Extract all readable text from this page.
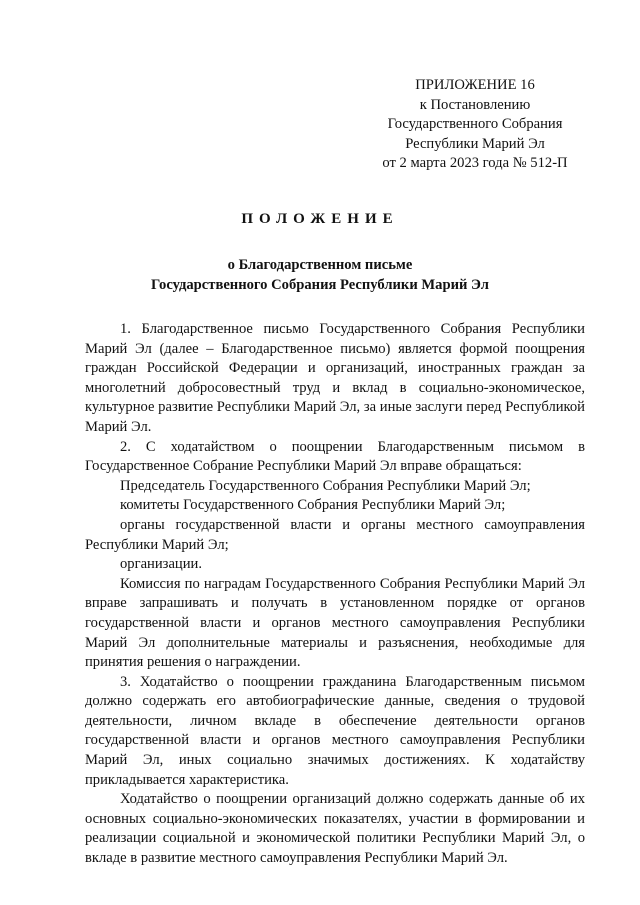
ПРИЛОЖЕНИЕ 16
к Постановлению
Государственного Собрания
Республики Марий Эл
от 2 марта 2023 года № 512-П
ПОЛОЖЕНИЕ
о Благодарственном письме
Государственного Собрания Республики Марий Эл

1. Благодарственное письмо Государственного Собрания Республики Марий Эл (далее – Благодарственное письмо) является формой поощрения граждан Российской Федерации и организаций, иностранных граждан за многолетний добросовестный труд и вклад в социально-экономическое, культурное развитие Республики Марий Эл, за иные заслуги перед Республикой Марий Эл.

2. С ходатайством о поощрении Благодарственным письмом в Государственное Собрание Республики Марий Эл вправе обращаться:

Председатель Государственного Собрания Республики Марий Эл;

комитеты Государственного Собрания Республики Марий Эл;

органы государственной власти и органы местного самоуправления Республики Марий Эл;

организации.

Комиссия по наградам Государственного Собрания Республики Марий Эл вправе запрашивать и получать в установленном порядке от органов государственной власти и органов местного самоуправления Республики Марий Эл дополнительные материалы и разъяснения, необходимые для принятия решения о награждении.

3. Ходатайство о поощрении гражданина Благодарственным письмом должно содержать его автобиографические данные, сведения о трудовой деятельности, личном вкладе в обеспечение деятельности органов государственной власти и органов местного самоуправления Республики Марий Эл, иных социально значимых достижениях. К ходатайству прикладывается характеристика.

Ходатайство о поощрении организаций должно содержать данные об их основных социально-экономических показателях, участии в формировании и реализации социальной и экономической политики Республики Марий Эл, о вкладе в развитие местного самоуправления Республики Марий Эл.
